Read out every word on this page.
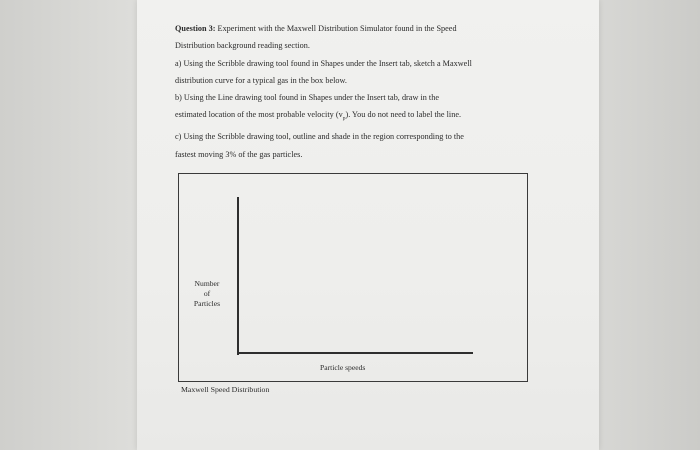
Question 3: Experiment with the Maxwell Distribution Simulator found in the Speed
Distribution background reading section.
a) Using the Scribble drawing tool found in Shapes under the Insert tab, sketch a Maxwell
distribution curve for a typical gas in the box below.
b) Using the Line drawing tool found in Shapes under the Insert tab, draw in the
estimated location of the most probable velocity $(v_p)$. You do not need to label the line.
c) Using the Scribble drawing tool, outline and shade in the region corresponding to the
fastest moving 3% of the gas particles.
Number
of
Particles
Particle speeds
Maxwell Speed Distribution
